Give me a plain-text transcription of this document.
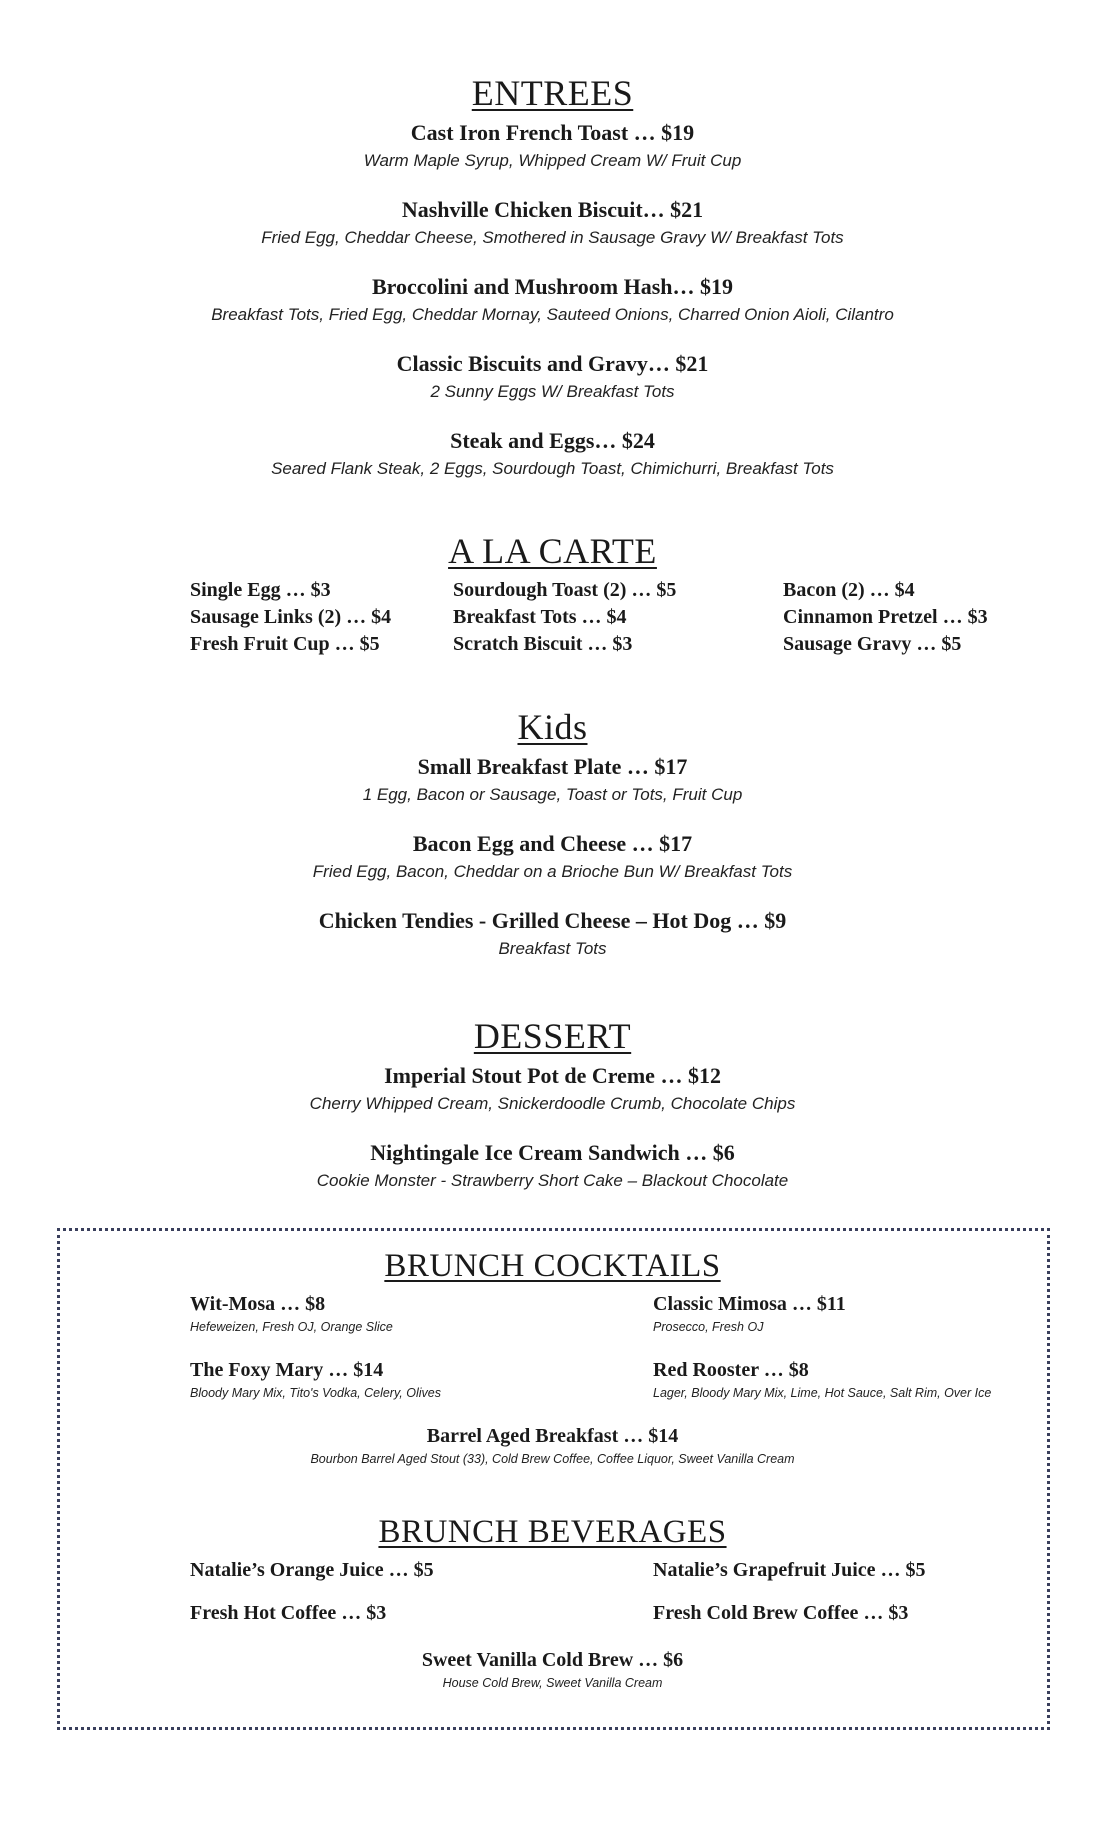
ENTREES
Cast Iron French Toast … $19
Warm Maple Syrup, Whipped Cream W/ Fruit Cup
Nashville Chicken Biscuit… $21
Fried Egg, Cheddar Cheese, Smothered in Sausage Gravy W/ Breakfast Tots
Broccolini and Mushroom Hash… $19
Breakfast Tots, Fried Egg, Cheddar Mornay, Sauteed Onions, Charred Onion Aioli, Cilantro
Classic Biscuits and Gravy… $21
2 Sunny Eggs W/ Breakfast Tots
Steak and Eggs… $24
Seared Flank Steak, 2 Eggs, Sourdough Toast, Chimichurri, Breakfast Tots
A LA CARTE
Single Egg … $3
Sausage Links (2) … $4
Fresh Fruit Cup … $5
Sourdough Toast (2) … $5
Breakfast Tots … $4
Scratch Biscuit … $3
Bacon (2) … $4
Cinnamon Pretzel … $3
Sausage Gravy … $5
Kids
Small Breakfast Plate … $17
1 Egg, Bacon or Sausage, Toast or Tots, Fruit Cup
Bacon Egg and Cheese … $17
Fried Egg, Bacon, Cheddar on a Brioche Bun W/ Breakfast Tots
Chicken Tendies - Grilled Cheese – Hot Dog … $9
Breakfast Tots
DESSERT
Imperial Stout Pot de Creme … $12
Cherry Whipped Cream, Snickerdoodle Crumb, Chocolate Chips
Nightingale Ice Cream Sandwich … $6
Cookie Monster - Strawberry Short Cake – Blackout Chocolate
BRUNCH COCKTAILS
Wit-Mosa … $8
Hefeweizen, Fresh OJ, Orange Slice
Classic Mimosa … $11
Prosecco, Fresh OJ
The Foxy Mary … $14
Bloody Mary Mix, Tito's Vodka, Celery, Olives
Red Rooster … $8
Lager, Bloody Mary Mix, Lime, Hot Sauce, Salt Rim, Over Ice
Barrel Aged Breakfast … $14
Bourbon Barrel Aged Stout (33), Cold Brew Coffee, Coffee Liquor, Sweet Vanilla Cream
BRUNCH BEVERAGES
Natalie’s Orange Juice … $5	Natalie’s Grapefruit Juice … $5
Fresh Hot Coffee … $3	Fresh Cold Brew Coffee … $3
Sweet Vanilla Cold Brew … $6
House Cold Brew, Sweet Vanilla Cream
